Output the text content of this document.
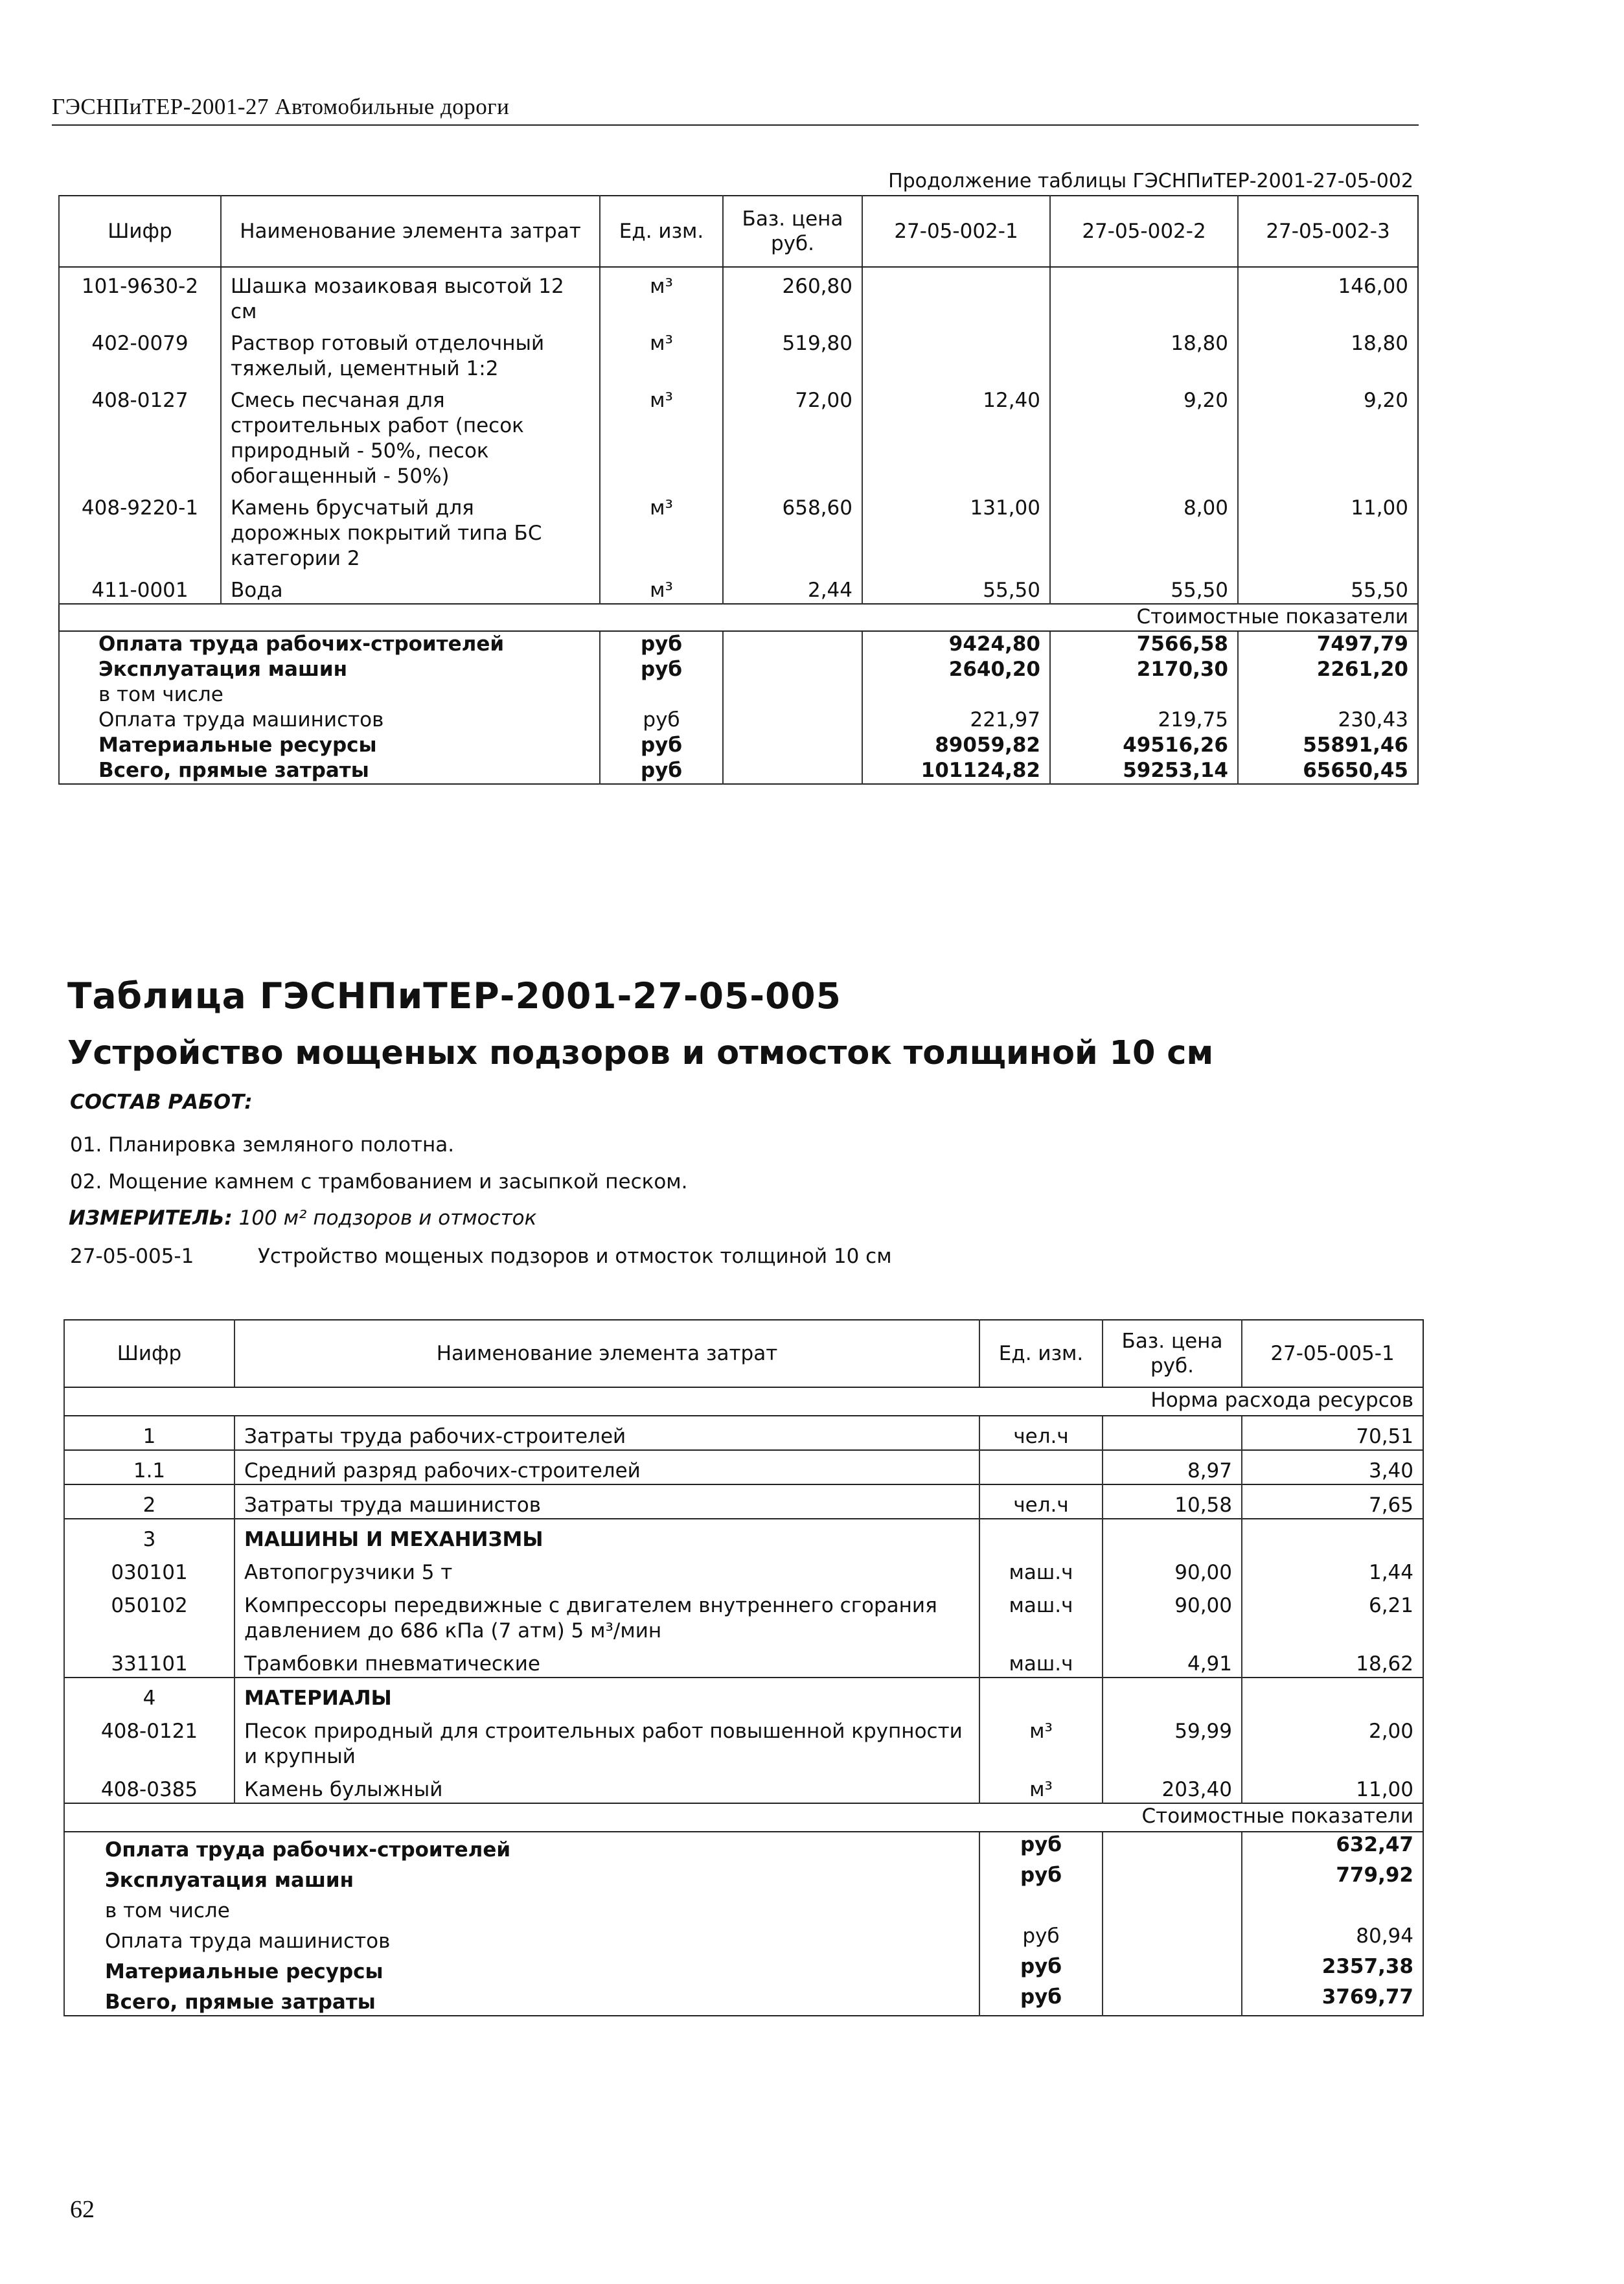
ГЭСНПиТЕР-2001-27 Автомобильные дороги
Продолжение таблицы ГЭСНПиТЕР-2001-27-05-002
Шифр	Наименование элемента затрат	Ед. изм.	Баз. цена руб.	27-05-002-1	27-05-002-2	27-05-002-3
101-9630-2	Шашка мозаиковая высотой 12 см	м³	260,80			146,00
402-0079	Раствор готовый отделочный тяжелый, цементный 1:2	м³	519,80		18,80	18,80
408-0127	Смесь песчаная для строительных работ (песок природный - 50%, песок обогащенный - 50%)	м³	72,00	12,40	9,20	9,20
408-9220-1	Камень брусчатый для дорожных покрытий типа БС категории 2	м³	658,60	131,00	8,00	11,00
411-0001	Вода	м³	2,44	55,50	55,50	55,50
Стоимостные показатели						
Оплата труда рабочих-строителей		руб		9424,80	7566,58	7497,79
Эксплуатация машин		руб		2640,20	2170,30	2261,20
в том числе						
Оплата труда машинистов		руб		221,97	219,75	230,43
Материальные ресурсы		руб		89059,82	49516,26	55891,46
Всего, прямые затраты		руб		101124,82	59253,14	65650,45
Таблица ГЭСНПиТЕР-2001-27-05-005
Устройство мощеных подзоров и отмосток толщиной 10 см
СОСТАВ РАБОТ:
01. Планировка земляного полотна.
02. Мощение камнем с трамбованием и засыпкой песком.
ИЗМЕРИТЕЛЬ: 100 м² подзоров и отмосток
27-05-005-1	Устройство мощеных подзоров и отмосток толщиной 10 см
Шифр	Наименование элемента затрат	Ед. изм.	Баз. цена руб.	27-05-005-1
Норма расхода ресурсов				
1	Затраты труда рабочих-строителей	чел.ч		70,51
1.1	Средний разряд рабочих-строителей		8,97	3,40
2	Затраты труда машинистов	чел.ч	10,58	7,65
3	МАШИНЫ И МЕХАНИЗМЫ			
030101	Автопогрузчики 5 т	маш.ч	90,00	1,44
050102	Компрессоры передвижные с двигателем внутреннего сгорания давлением до 686 кПа (7 атм) 5 м³/мин	маш.ч	90,00	6,21
331101	Трамбовки пневматические	маш.ч	4,91	18,62
4	МАТЕРИАЛЫ			
408-0121	Песок природный для строительных работ повышенной крупности и крупный	м³	59,99	2,00
408-0385	Камень булыжный	м³	203,40	11,00
Стоимостные показатели				
Оплата труда рабочих-строителей		руб		632,47
Эксплуатация машин		руб		779,92
в том числе				
Оплата труда машинистов		руб		80,94
Материальные ресурсы		руб		2357,38
Всего, прямые затраты		руб		3769,77
62
